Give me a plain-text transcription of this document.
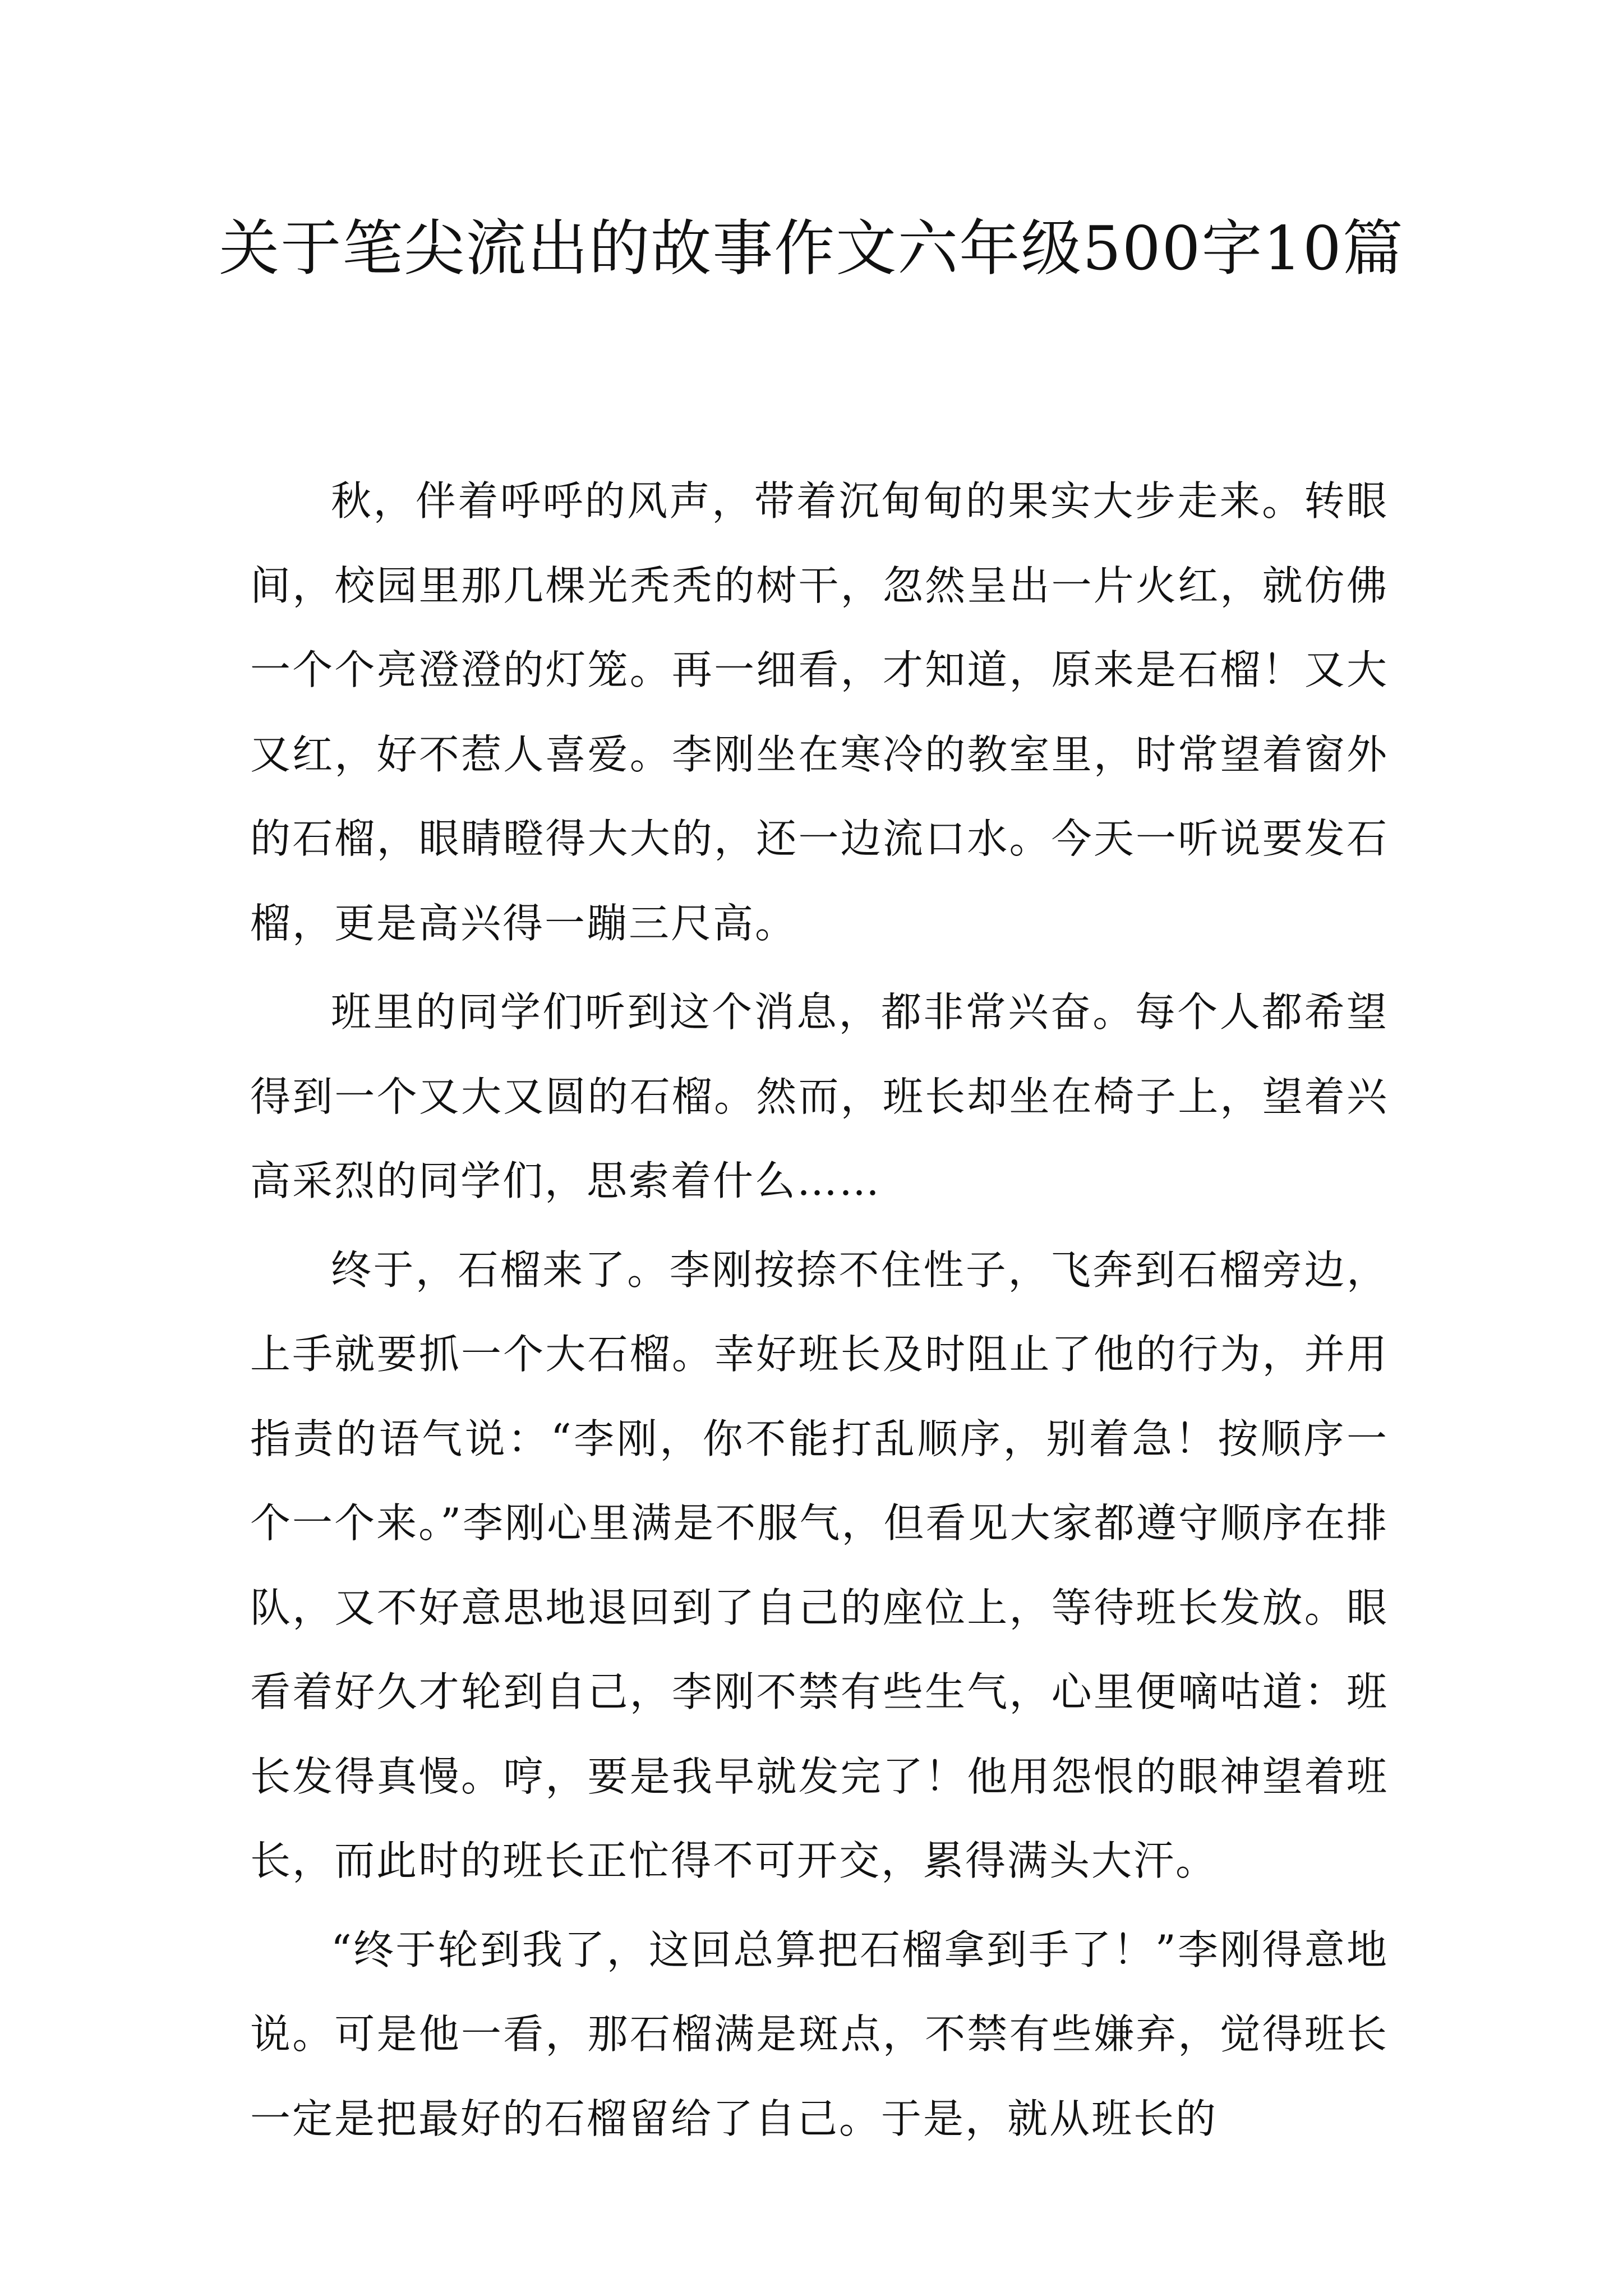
关于笔尖流出的故事作文六年级500字10篇

秋，伴着呼呼的风声，带着沉甸甸的果实大步走来。转眼间，校园里那几棵光秃秃的树干，忽然呈出一片火红，就仿佛一个个亮澄澄的灯笼。再一细看，才知道，原来是石榴！又大又红，好不惹人喜爱。李刚坐在寒冷的教室里，时常望着窗外的石榴，眼睛瞪得大大的，还一边流口水。今天一听说要发石榴，更是高兴得一蹦三尺高。

班里的同学们听到这个消息，都非常兴奋。每个人都希望得到一个又大又圆的石榴。然而，班长却坐在椅子上，望着兴高采烈的同学们，思索着什么……

终于，石榴来了。李刚按捺不住性子，飞奔到石榴旁边，上手就要抓一个大石榴。幸好班长及时阻止了他的行为，并用指责的语气说：“李刚，你不能打乱顺序，别着急！按顺序一个一个来。”李刚心里满是不服气，但看见大家都遵守顺序在排队，又不好意思地退回到了自己的座位上，等待班长发放。眼看着好久才轮到自己，李刚不禁有些生气，心里便嘀咕道：班长发得真慢。哼，要是我早就发完了！他用怨恨的眼神望着班长，而此时的班长正忙得不可开交，累得满头大汗。

“终于轮到我了，这回总算把石榴拿到手了！”李刚得意地说。可是他一看，那石榴满是斑点，不禁有些嫌弃，觉得班长一定是把最好的石榴留给了自己。于是，就从班长的
